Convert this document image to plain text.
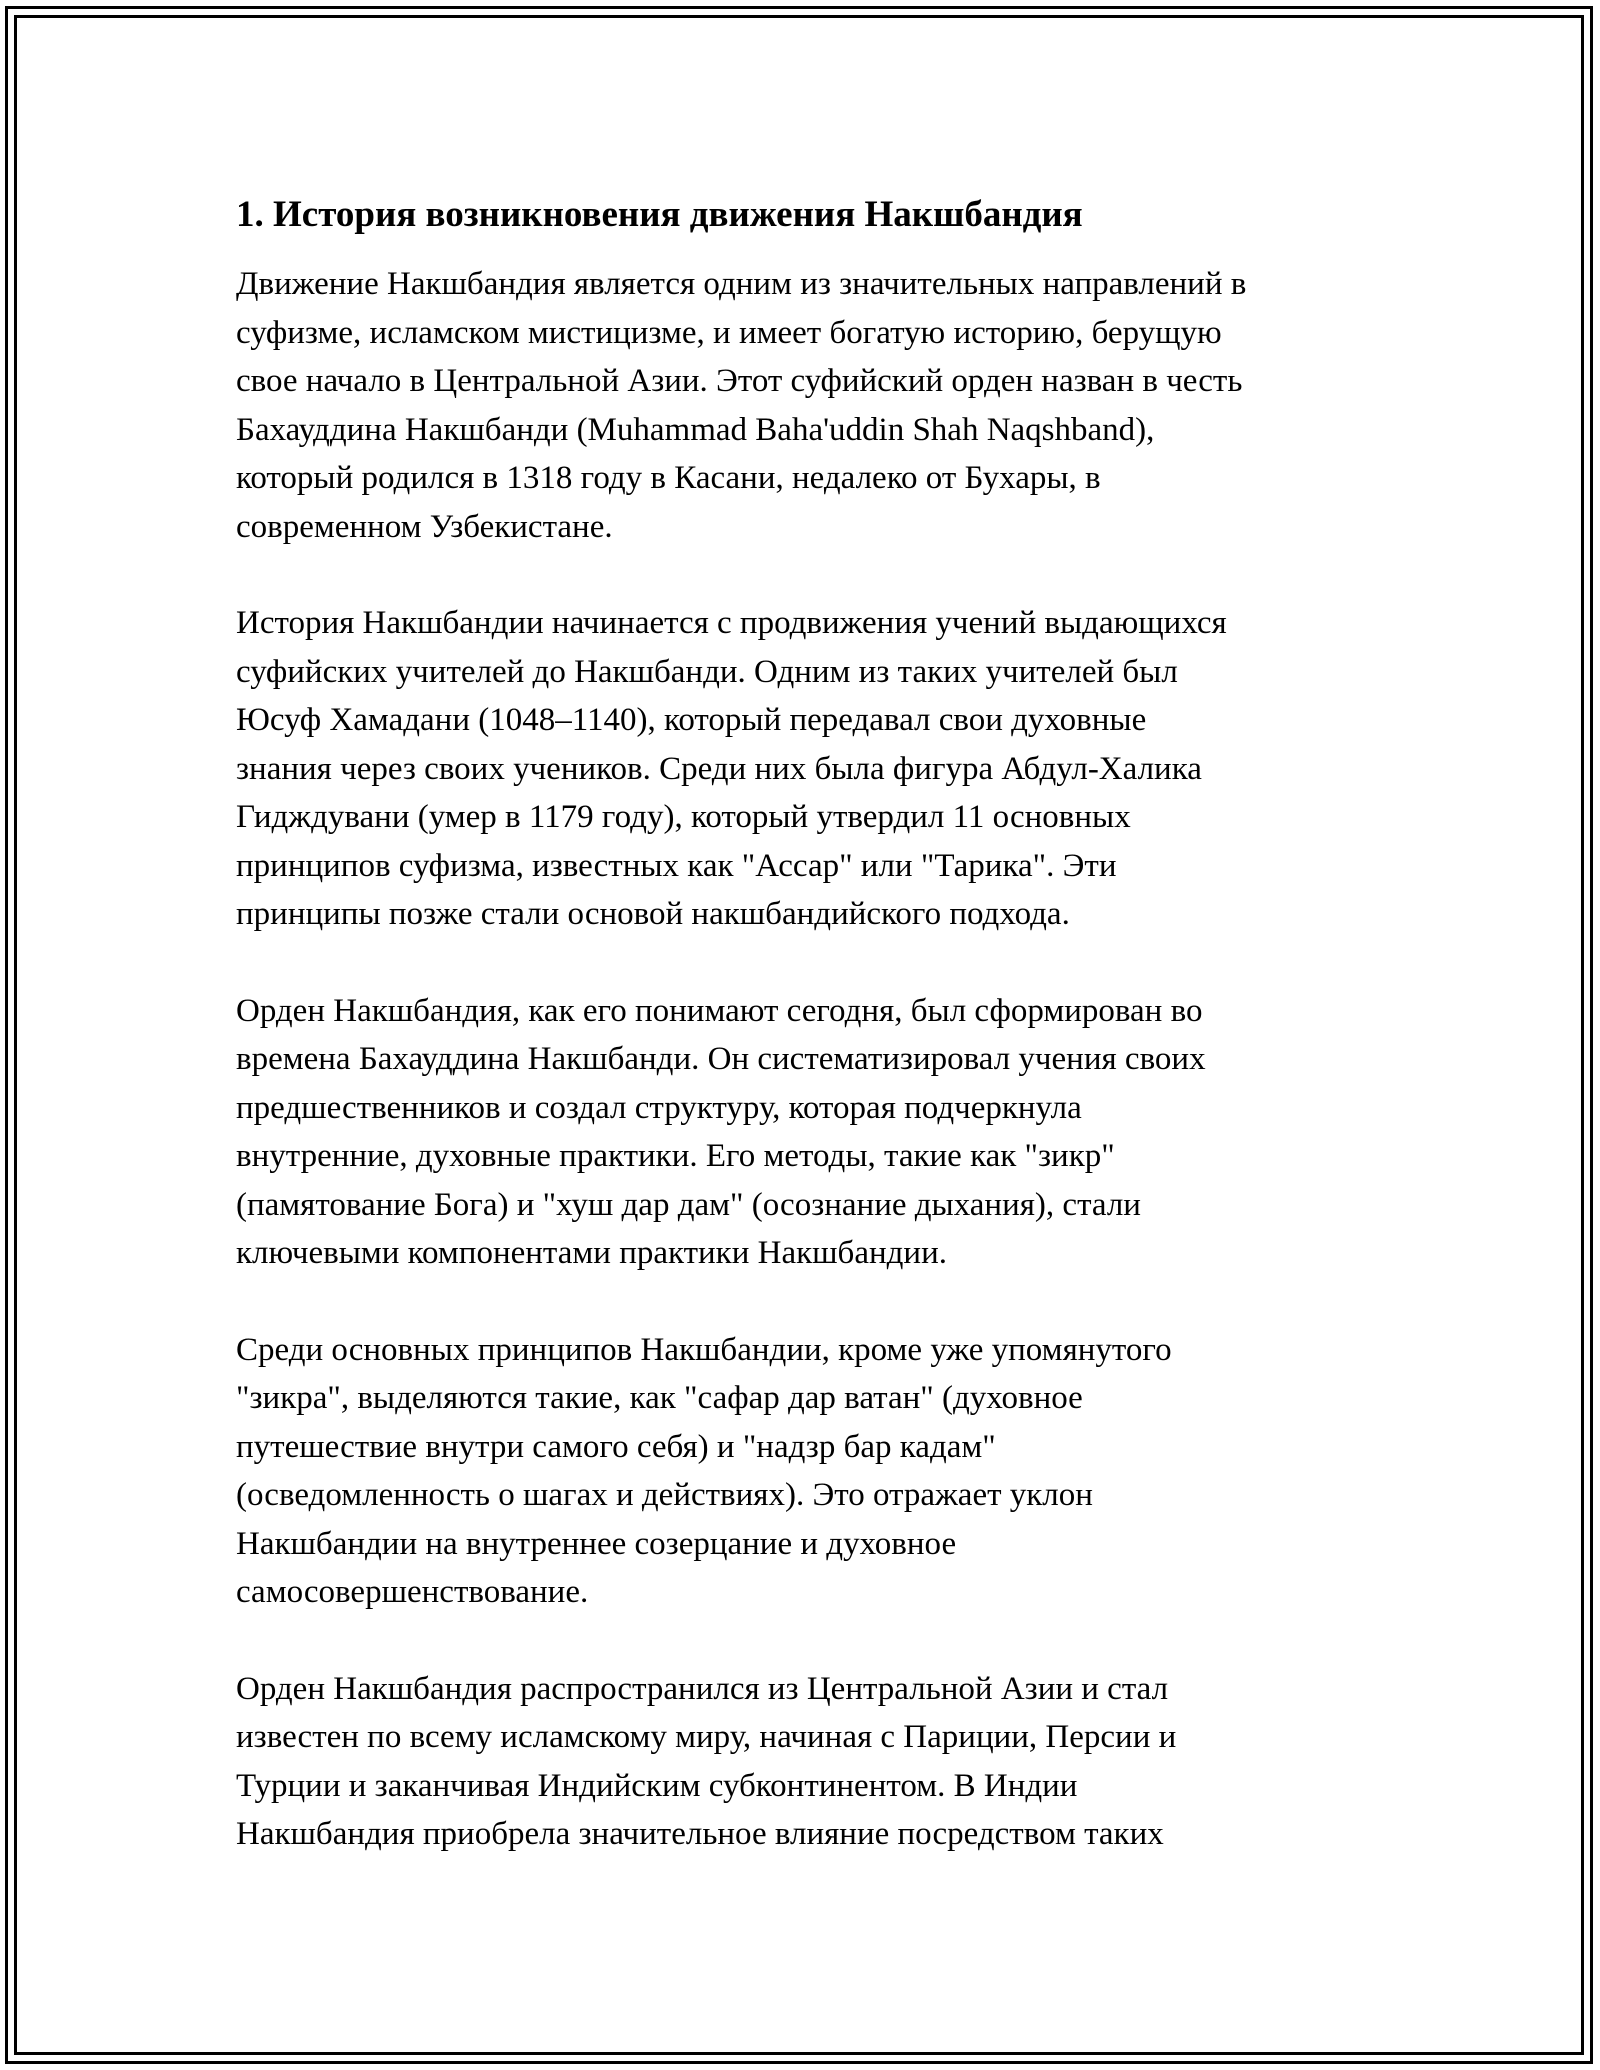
1. История возникновения движения Накшбандия

Движение Накшбандия является одним из значительных направлений в
суфизме, исламском мистицизме, и имеет богатую историю, берущую
свое начало в Центральной Азии. Этот суфийский орден назван в честь
Бахауддина Накшбанди (Muhammad Baha'uddin Shah Naqshband),
который родился в 1318 году в Касани, недалеко от Бухары, в
современном Узбекистане.

История Накшбандии начинается с продвижения учений выдающихся
суфийских учителей до Накшбанди. Одним из таких учителей был
Юсуф Хамадани (1048–1140), который передавал свои духовные
знания через своих учеников. Среди них была фигура Абдул-Халика
Гидждувани (умер в 1179 году), который утвердил 11 основных
принципов суфизма, известных как "Ассар" или "Тарика". Эти
принципы позже стали основой накшбандийского подхода.

Орден Накшбандия, как его понимают сегодня, был сформирован во
времена Бахауддина Накшбанди. Он систематизировал учения своих
предшественников и создал структуру, которая подчеркнула
внутренние, духовные практики. Его методы, такие как "зикр"
(памятование Бога) и "хуш дар дам" (осознание дыхания), стали
ключевыми компонентами практики Накшбандии.

Среди основных принципов Накшбандии, кроме уже упомянутого
"зикра", выделяются такие, как "сафар дар ватан" (духовное
путешествие внутри самого себя) и "надзр бар кадам"
(осведомленность о шагах и действиях). Это отражает уклон
Накшбандии на внутреннее созерцание и духовное
самосовершенствование.

Орден Накшбандия распространился из Центральной Азии и стал
известен по всему исламскому миру, начиная с Париции, Персии и
Турции и заканчивая Индийским субконтинентом. В Индии
Накшбандия приобрела значительное влияние посредством таких
